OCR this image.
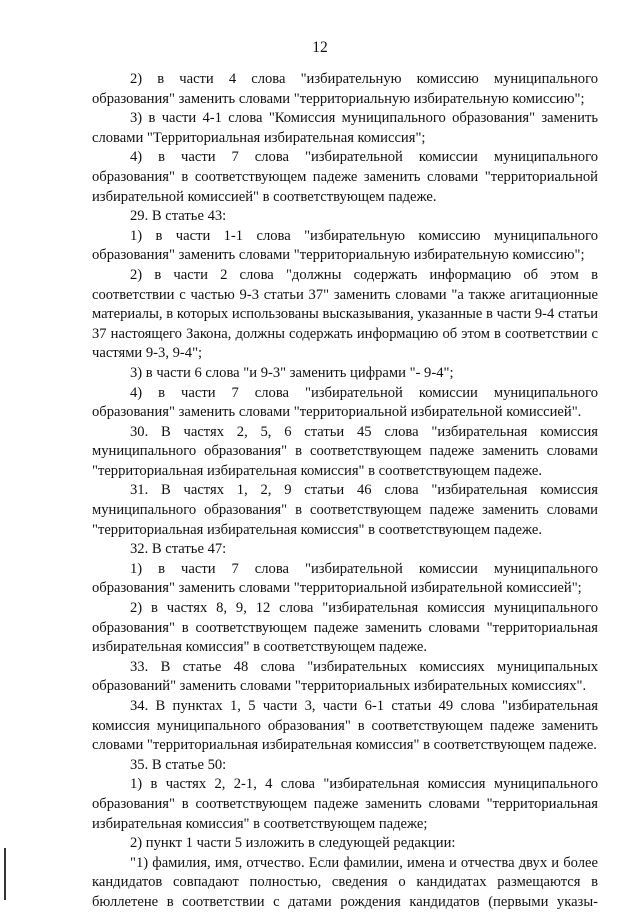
12

2) в части 4 слова "избирательную комиссию муниципального образования" заменить словами "территориальную избирательную комиссию";

3) в части 4-1 слова "Комиссия муниципального образования" заменить словами "Территориальная избирательная комиссия";

4) в части 7 слова "избирательной комиссии муниципального образования" в соответствующем падеже заменить словами "территориальной избирательной комиссией" в соответствующем падеже.

29. В статье 43:

1) в части 1-1 слова "избирательную комиссию муниципального образования" заменить словами "территориальную избирательную комиссию";

2) в части 2 слова "должны содержать информацию об этом в соответствии с частью 9-3 статьи 37" заменить словами "а также агитационные материалы, в которых использованы высказывания, указанные в части 9-4 статьи 37 настоящего Закона, должны содержать информацию об этом в соответствии с частями 9-3, 9-4";

3) в части 6 слова "и 9-3" заменить цифрами "- 9-4";

4) в части 7 слова "избирательной комиссии муниципального образования" заменить словами "территориальной избирательной комиссией".

30. В частях 2, 5, 6 статьи 45 слова "избирательная комиссия муниципального образования" в соответствующем падеже заменить словами "территориальная избирательная комиссия" в соответствующем падеже.

31. В частях 1, 2, 9 статьи 46 слова "избирательная комиссия муниципального образования" в соответствующем падеже заменить словами "территориальная избирательная комиссия" в соответствующем падеже.

32. В статье 47:

1) в части 7 слова "избирательной комиссии муниципального образования" заменить словами "территориальной избирательной комиссией";

2) в частях 8, 9, 12 слова "избирательная комиссия муниципального образования" в соответствующем падеже заменить словами "территориальная избирательная комиссия" в соответствующем падеже.

33. В статье 48 слова "избирательных комиссиях муниципальных образований" заменить словами "территориальных избирательных комиссиях".

34. В пунктах 1, 5 части 3, части 6-1 статьи 49 слова "избирательная комиссия муниципального образования" в соответствующем падеже заменить словами "территориальная избирательная комиссия" в соответствующем падеже.

35. В статье 50:

1) в частях 2, 2-1, 4 слова "избирательная комиссия муниципального образования" в соответствующем падеже заменить словами "территориальная избирательная комиссия" в соответствующем падеже;

2) пункт 1 части 5 изложить в следующей редакции:

"1) фамилия, имя, отчество. Если фамилии, имена и отчества двух и более кандидатов совпадают полностью, сведения о кандидатах размещаются в бюллетене в соответствии с датами рождения кандидатов (первыми указы-
